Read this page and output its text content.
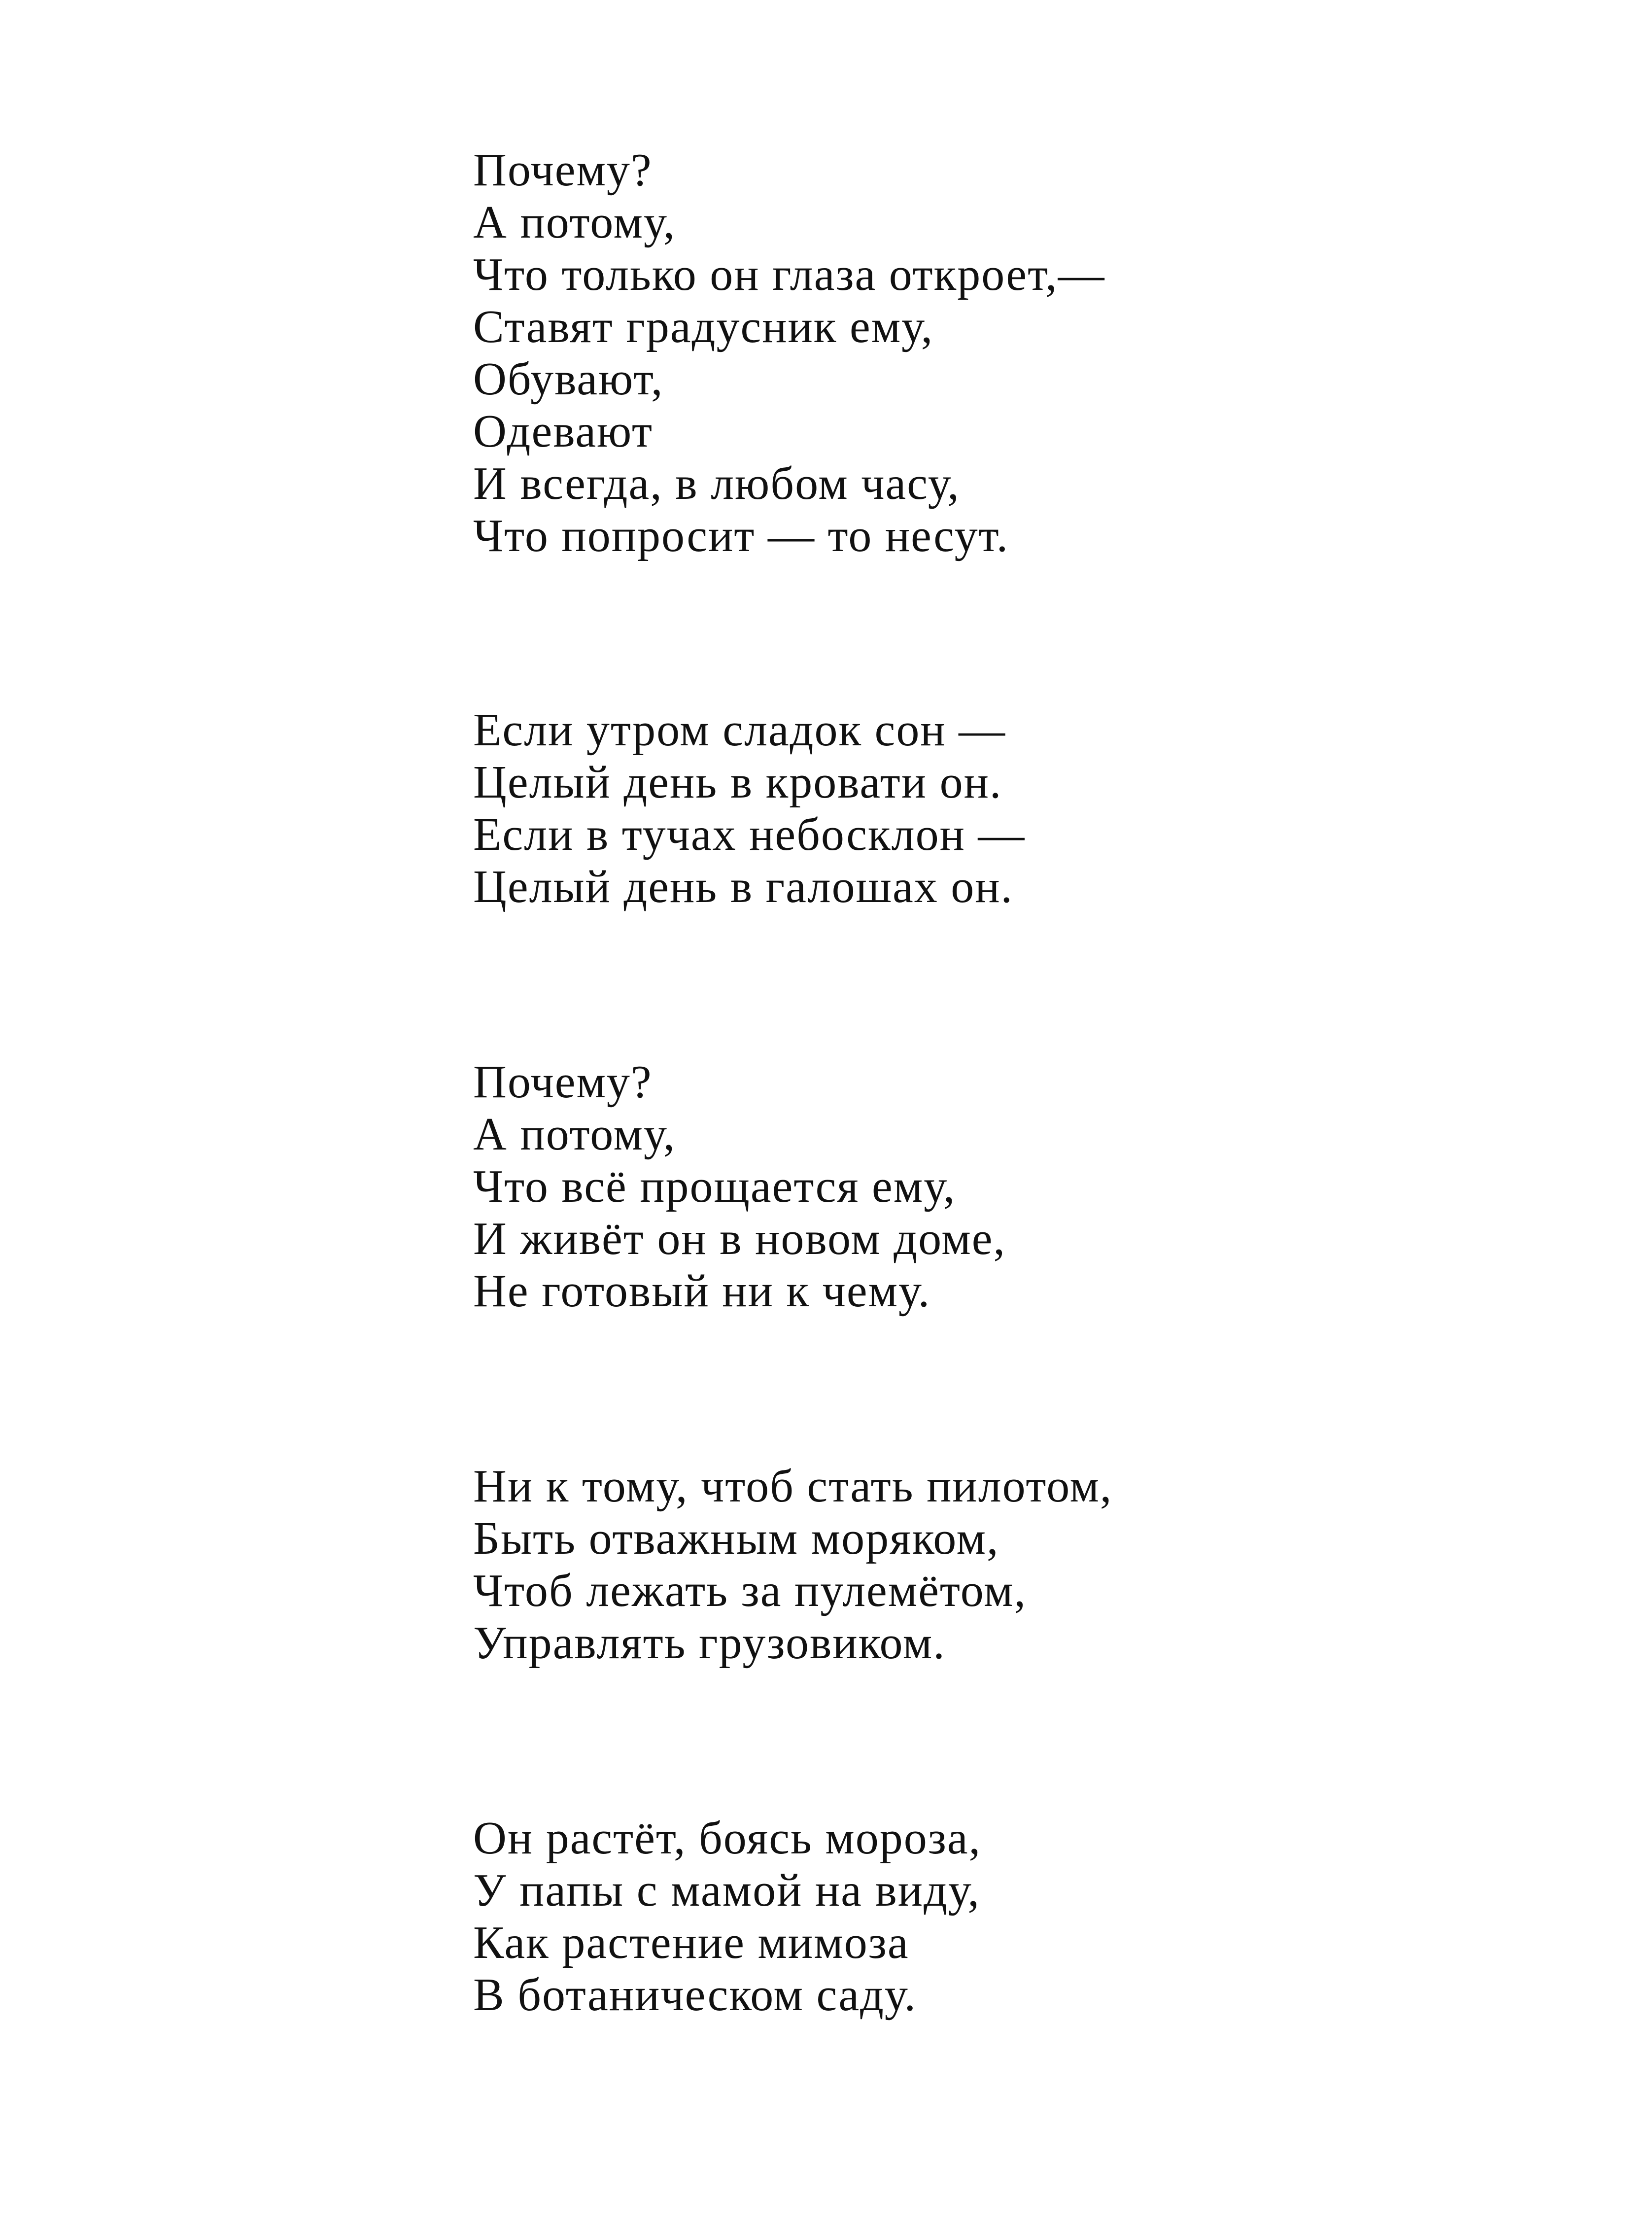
Почему?
А потому,
Что только он глаза откроет,—
Ставят градусник ему,
Обувают,
Одевают
И всегда, в любом часу,
Что попросит — то несут.
Если утром сладок сон —
Целый день в кровати он.
Если в тучах небосклон —
Целый день в галошах он.
Почему?
А потому,
Что всё прощается ему,
И живёт он в новом доме,
Не готовый ни к чему.
Ни к тому, чтоб стать пилотом,
Быть отважным моряком,
Чтоб лежать за пулемётом,
Управлять грузовиком.
Он растёт, боясь мороза,
У папы с мамой на виду,
Как растение мимоза
В ботаническом саду.
